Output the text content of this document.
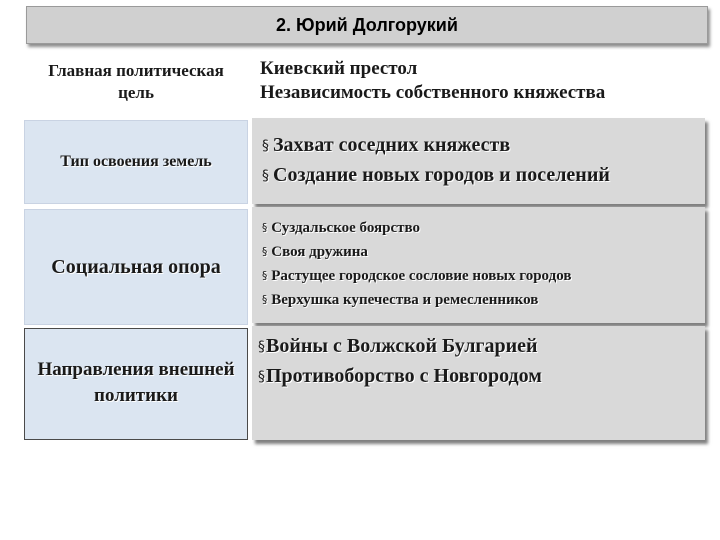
2. Юрий Долгорукий
Главная политическая цель
Киевский престол
Независимость собственного княжества
Тип освоения земель
§ Захват соседних княжеств
§ Создание новых городов и поселений
Социальная опора
§ Суздальское боярство
§ Своя дружина
§ Растущее городское сословие новых городов
§ Верхушка купечества и ремесленников
Направления внешней политики
§Войны с Волжской Булгарией
§Противоборство с Новгородом
